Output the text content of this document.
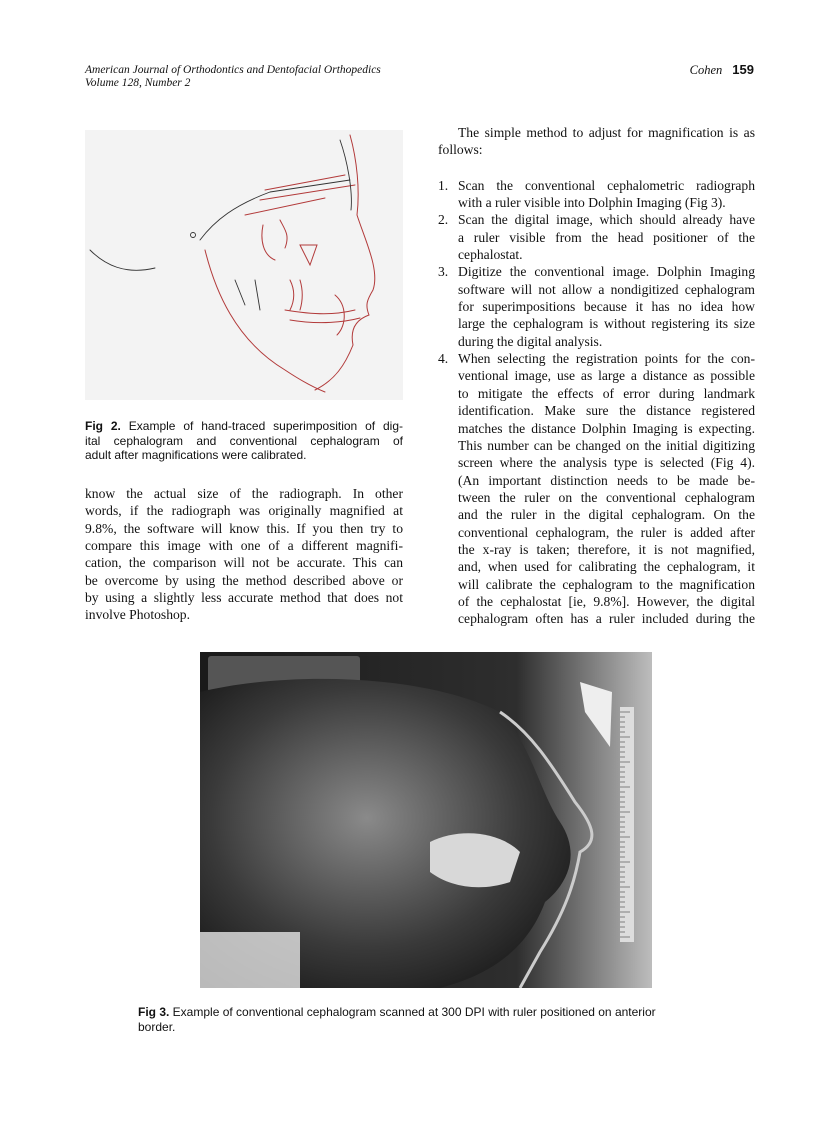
American Journal of Orthodontics and Dentofacial Orthopedics
Volume 128, Number 2
Cohen 159
Fig 2. Example of hand-traced superimposition of dig-
ital cephalogram and conventional cephalogram of
adult after magnifications were calibrated.
know the actual size of the radiograph. In other
words, if the radiograph was originally magnified at
9.8%, the software will know this. If you then try to
compare this image with one of a different magnifi-
cation, the comparison will not be accurate. This can
be overcome by using the method described above or
by using a slightly less accurate method that does not
involve Photoshop.
The simple method to adjust for magnification is as
follows:
1. Scan the conventional cephalometric radiograph
with a ruler visible into Dolphin Imaging (Fig 3).
2. Scan the digital image, which should already have
a ruler visible from the head positioner of the
cephalostat.
3. Digitize the conventional image. Dolphin Imaging
software will not allow a nondigitized cephalogram
for superimpositions because it has no idea how
large the cephalogram is without registering its size
during the digital analysis.
4. When selecting the registration points for the con-
ventional image, use as large a distance as possible
to mitigate the effects of error during landmark
identification. Make sure the distance registered
matches the distance Dolphin Imaging is expecting.
This number can be changed on the initial digitizing
screen where the analysis type is selected (Fig 4).
(An important distinction needs to be made be-
tween the ruler on the conventional cephalogram
and the ruler in the digital cephalogram. On the
conventional cephalogram, the ruler is added after
the x-ray is taken; therefore, it is not magnified,
and, when used for calibrating the cephalogram, it
will calibrate the cephalogram to the magnification
of the cephalostat [ie, 9.8%]. However, the digital
cephalogram often has a ruler included during the
Fig 3. Example of conventional cephalogram scanned at 300 DPI with ruler positioned on anterior
border.
